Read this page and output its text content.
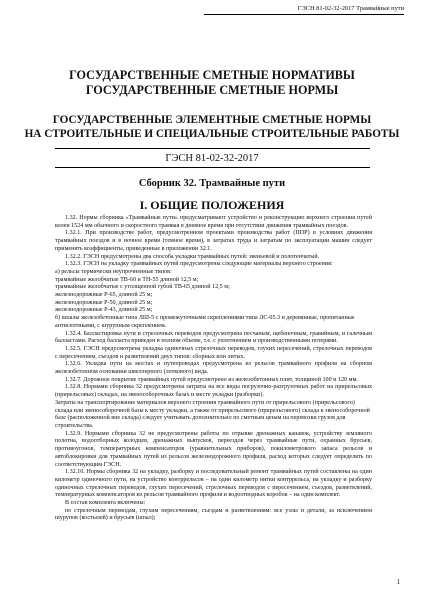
ГЭСН 81-02-32-2017 Трамвайные пути
ГОСУДАРСТВЕННЫЕ СМЕТНЫЕ НОРМАТИВЫ
ГОСУДАРСТВЕННЫЕ СМЕТНЫЕ НОРМЫ
ГОСУДАРСТВЕННЫЕ ЭЛЕМЕНТНЫЕ СМЕТНЫЕ НОРМЫ
НА СТРОИТЕЛЬНЫЕ И СПЕЦИАЛЬНЫЕ СТРОИТЕЛЬНЫЕ РАБОТЫ
ГЭСН 81-02-32-2017
Сборник 32. Трамвайные пути
I. ОБЩИЕ ПОЛОЖЕНИЯ

1.32. Нормы сборника «Трамвайные пути» предусматривают устройство и реконструкцию верхнего строения путей колеи 1524 мм обычного и скоростного трамвая в дневное время при отсутствии движения трамвайных поездов.

1.32.1. При производстве работ, предусмотренном проектами производства работ (ППР) в условиях движения трамвайных поездов и в ночное время (темное время), в затратах труда и затратам по эксплуатации машин следует применять коэффициенты, приведенные в приложении 32.1.

1.32.2. ГЭСН предусмотрены два способа укладки трамвайных путей: звеньевой и полотенчатый.

1.32.3. ГЭСН на укладку трамвайных путей предусмотрены следующие материалы верхнего строения:

а) рельсы термически неупрочненные типов:

трамвайные желобчатые ТВ-60 и ТН-55 длиной 12,5 м;

трамвайные желобчатые с утолщенной губой ТВ-65 длиной 12,5 м;

железнодорожные Р-65, длиной 25 м;

железнодорожные Р-50, длиной 25 м;

железнодорожные Р-43, длиной 25 м;

б) шпалы железобетонные типа ЛШ-5 с промежуточными скреплениями типа ЛС-05.3 и деревянные, пропитанные антисептиками, с шурупным скреплением.

1.32.4. Балластировка пути и стрелочных переводов предусмотрена песчаным, щебеночным, гравийным, и галечным балластами. Расход балласта приведен в полном объеме, т.е. с уплотнением и производственными потерями.

1.32.5. ГЭСН предусмотрена укладка одиночных стрелочных переводов, глухих пересечений, стрелочных переводов с пересечением, съездов и разветвлений двух типов: сборных или литых.

1.32.6. Укладка пути на мостах и путепроводах предусмотрена из рельсов трамвайного профиля на сборном железобетонном основании швеллерного (лоткового) вида.

1.32.7. Дорожное покрытие трамвайных путей предусмотрено из железобетонных плит, толщиной 100 и 120 мм.

1.32.8. Нормами сборника 32 предусмотрены затраты на все виды погрузочно-разгрузочных работ на прирельсовых (прирельсовых) складах, на звенособорочных базах и месте укладки (разборки).

Затраты на транспортирование материалов верхнего строения трамвайного пути от прирельсового (прирельсового) склада или звенособорочной базы к месту укладки, а также от прирельсового (прирельсового) склада к звенособорочной базе (расположенной вне склада) следует учитывать дополнительно по сметным ценам на перевозки грузов для строительства.

1.32.9. Нормами сборника 32 не предусмотрены работы по отрывке дренажных канавок, устройству земляного полотна, водоотборных колодцев, дренажных выпусков, переездов через трамвайные пути, охранных брусьев, противоугонов, температурных компенсаторов (уравнительных приборов), покилометрового запаса рельсов и автоблокировки для трамвайных путей из рельсов железнодорожного профиля, расход которых следует определять по соответствующим ГЭСН.

1.32.10. Нормы сборника 32 на укладку, разборку и последовательный ремонт трамвайных путей составлены на один километр одиночного пути, на устройство контррельсов – на один километр нитки контррельса, на укладку и разборку одиночных стрелочных переводов, глухих пересечений, стрелочных переводов с пересечением, съездов, разветвлений, температурных компенсаторов из рельсов трамвайного профиля и водоотводных коробок – на один комплект.

В состав комплекта включены:

по стрелочным переводам, глухим пересечениям, съездам и разветвлениям: все узлы и детали, за исключением шурупов (костылей) и брусьев (шпал);

1
